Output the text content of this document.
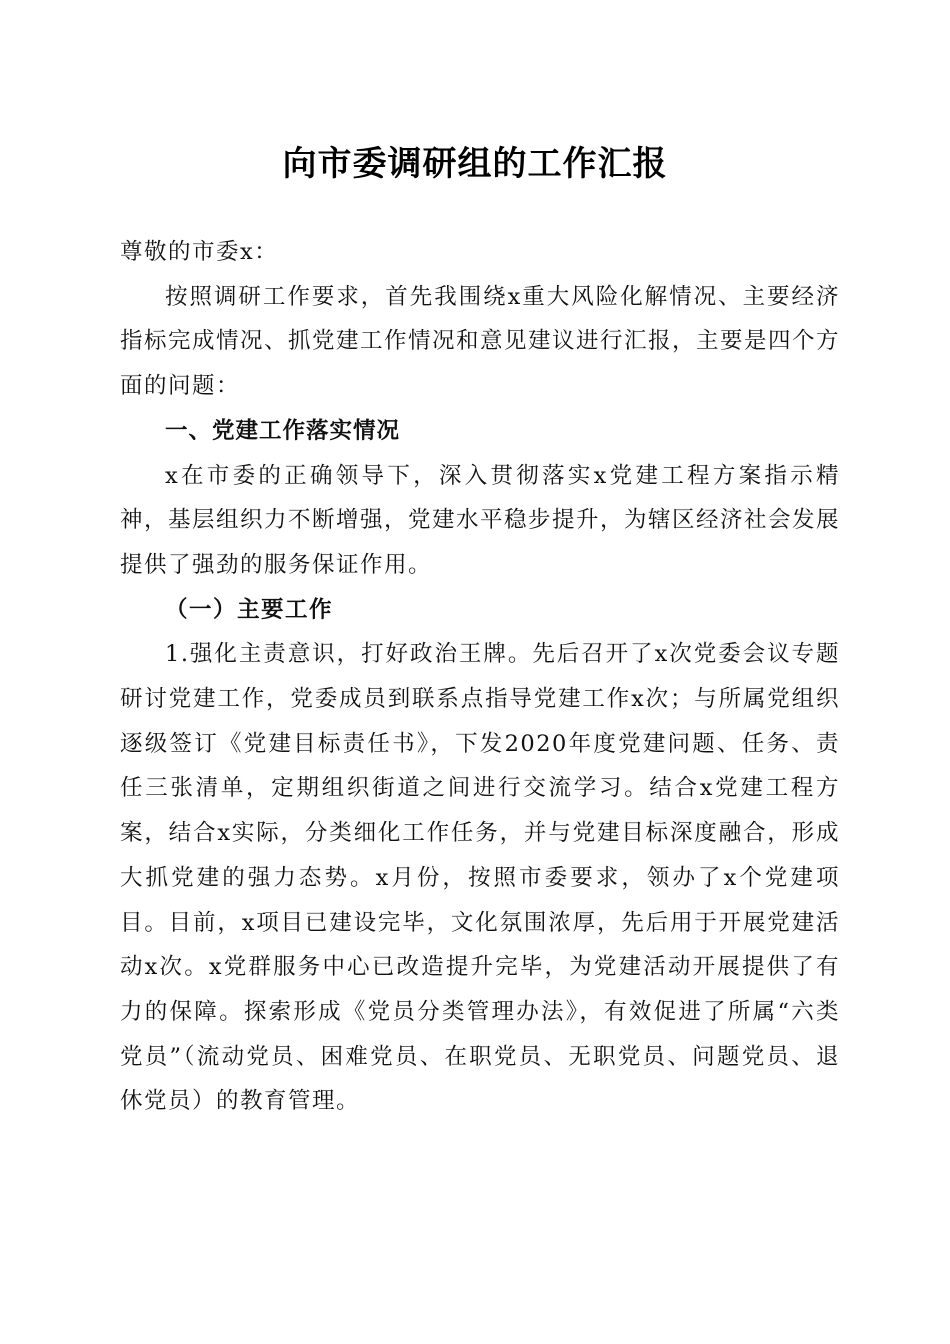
向市委调研组的工作汇报

尊敬的市委x：

按照调研工作要求，首先我围绕x重大风险化解情况、主要经济指标完成情况、抓党建工作情况和意见建议进行汇报，主要是四个方面的问题：

一、党建工作落实情况

x在市委的正确领导下，深入贯彻落实x党建工程方案指示精神，基层组织力不断增强，党建水平稳步提升，为辖区经济社会发展提供了强劲的服务保证作用。

（一）主要工作

1.强化主责意识，打好政治王牌。先后召开了x次党委会议专题研讨党建工作，党委成员到联系点指导党建工作x次；与所属党组织逐级签订《党建目标责任书》，下发2020年度党建问题、任务、责任三张清单，定期组织街道之间进行交流学习。结合x党建工程方案，结合x实际，分类细化工作任务，并与党建目标深度融合，形成大抓党建的强力态势。x月份，按照市委要求，领办了x个党建项目。目前，x项目已建设完毕，文化氛围浓厚，先后用于开展党建活动x次。x党群服务中心已改造提升完毕，为党建活动开展提供了有力的保障。探索形成《党员分类管理办法》，有效促进了所属“六类党员”（流动党员、困难党员、在职党员、无职党员、问题党员、退休党员）的教育管理。
